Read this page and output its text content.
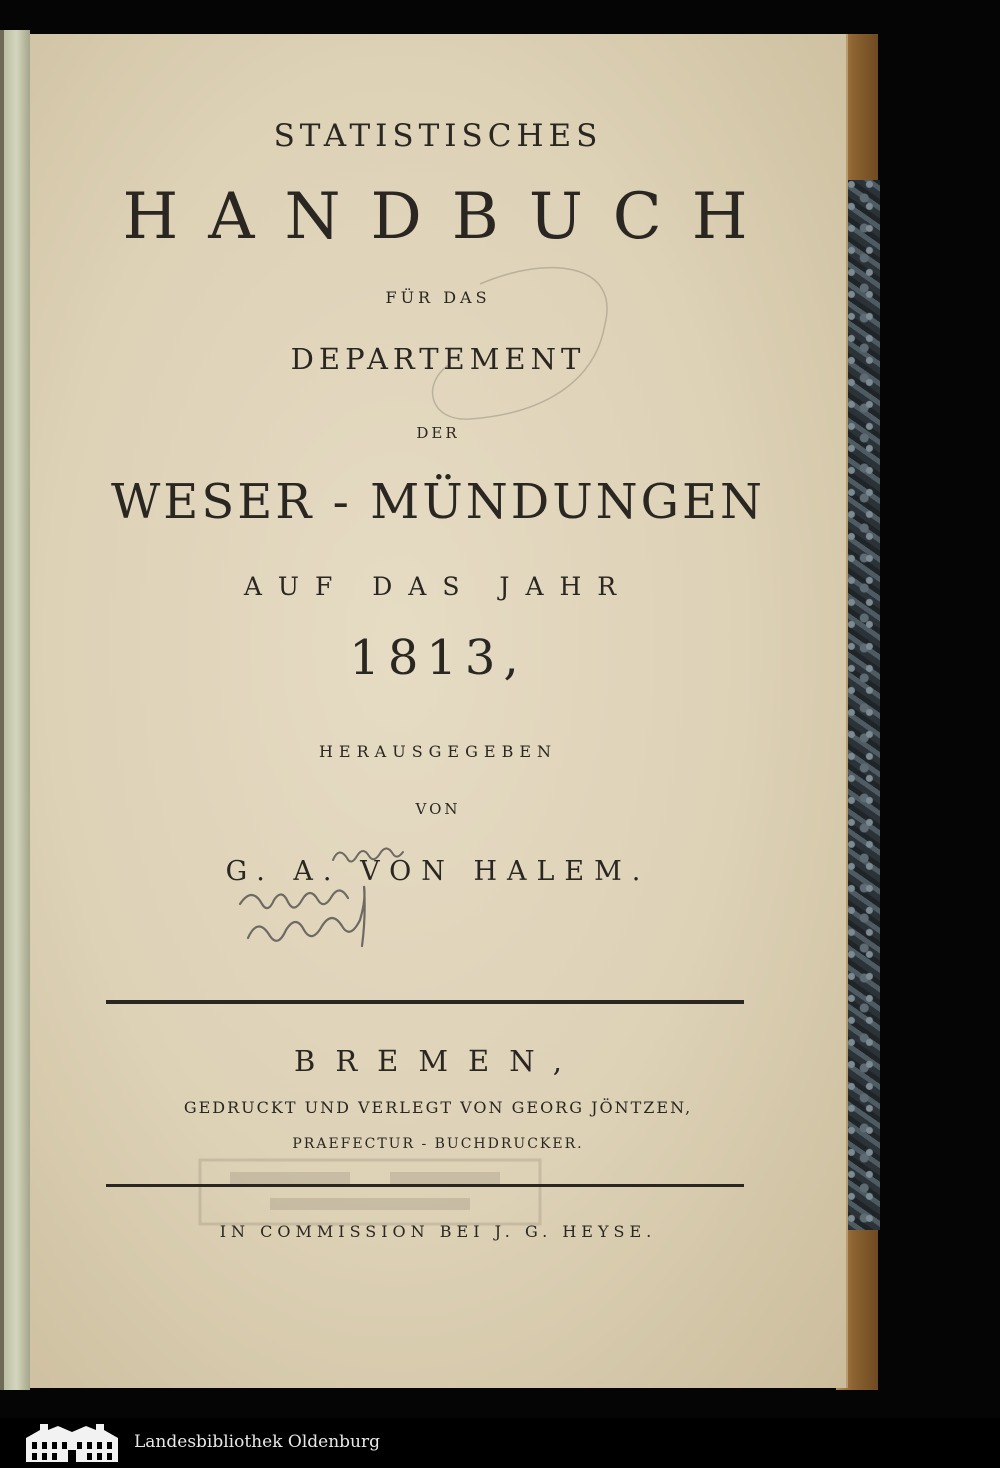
STATISTISCHES
HANDBUCH
FÜR DAS
DEPARTEMENT
DER
WESER - MÜNDUNGEN
AUF DAS JAHR
1813,
HERAUSGEGEBEN
VON
G. A. VON HALEM.
BREMEN,
GEDRUCKT UND VERLEGT VON GEORG JÖNTZEN,
PRAEFECTUR - BUCHDRUCKER.
IN COMMISSION BEI J. G. HEYSE.
Landesbibliothek Oldenburg
